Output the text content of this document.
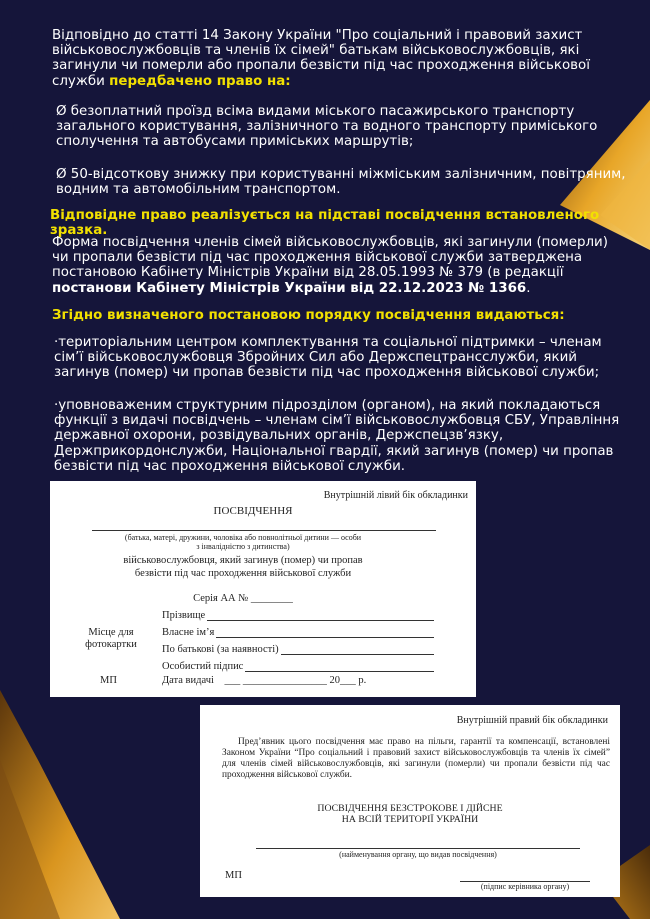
Відповідно до статті 14 Закону України "Про соціальний і правовий захист військовослужбовців та членів їх сімей" батькам військовослужбовців, які загинули чи померли або пропали безвісти під час проходження військової служби передбачено право на:
Ø безоплатний проїзд всіма видами міського пасажирського транспорту загального користування, залізничного та водного транспорту приміського сполучення та автобусами приміських маршрутів;
Ø 50-відсоткову знижку при користуванні міжміським залізничним, повітряним, водним та автомобільним транспортом.
Відповідне право реалізується на підставі посвідчення встановленого зразка.
Форма посвідчення членів сімей військовослужбовців, які загинули (померли) чи пропали безвісти під час проходження військової служби затверджена постановою Кабінету Міністрів України від 28.05.1993 № 379 (в редакції постанови Кабінету Міністрів України від 22.12.2023 № 1366.
Згідно визначеного постановою порядку посвідчення видаються:
·територіальним центром комплектування та соціальної підтримки – членам сім’ї військовослужбовця Збройних Сил або Держспецтрансслужби, який загинув (помер) чи пропав безвісти під час проходження військової служби;
·уповноваженим структурним підрозділом (органом), на який покладаються функції з видачі посвідчень – членам сім’ї військовослужбовця СБУ, Управління державної охорони, розвідувальних органів, Держспецзв’язку, Держприкордонслужби, Національної гвардії, який загинув (помер) чи пропав безвісти під час проходження військової служби.
Внутрішній лівий бік обкладинки
ПОСВІДЧЕННЯ
(батька, матері, дружини, чоловіка або повнолітньої дитини — особи
з інвалідністю з дитинства)
військовослужбовця, який загинув (помер) чи пропав
безвісти під час проходження військової служби
Серія АА № ________
Місце для фотокартки
Прізвище
Власне ім’я
По батькові (за наявності)
Особистий підпис
МП	Дата видачі ___ ________________ 20___ р.
Внутрішній правий бік обкладинки
Пред’явник цього посвідчення має право на пільги, гарантії та компенсації, встановлені Законом України “Про соціальний і правовий захист військовослужбовців та членів їх сімей” для членів сімей військовослужбовців, які загинули (померли) чи пропали безвісти під час проходження військової служби.
ПОСВІДЧЕННЯ БЕЗСТРОКОВЕ І ДІЙСНЕ
НА ВСІЙ ТЕРИТОРІЇ УКРАЇНИ
(найменування органу, що видав посвідчення)
МП
(підпис керівника органу)
